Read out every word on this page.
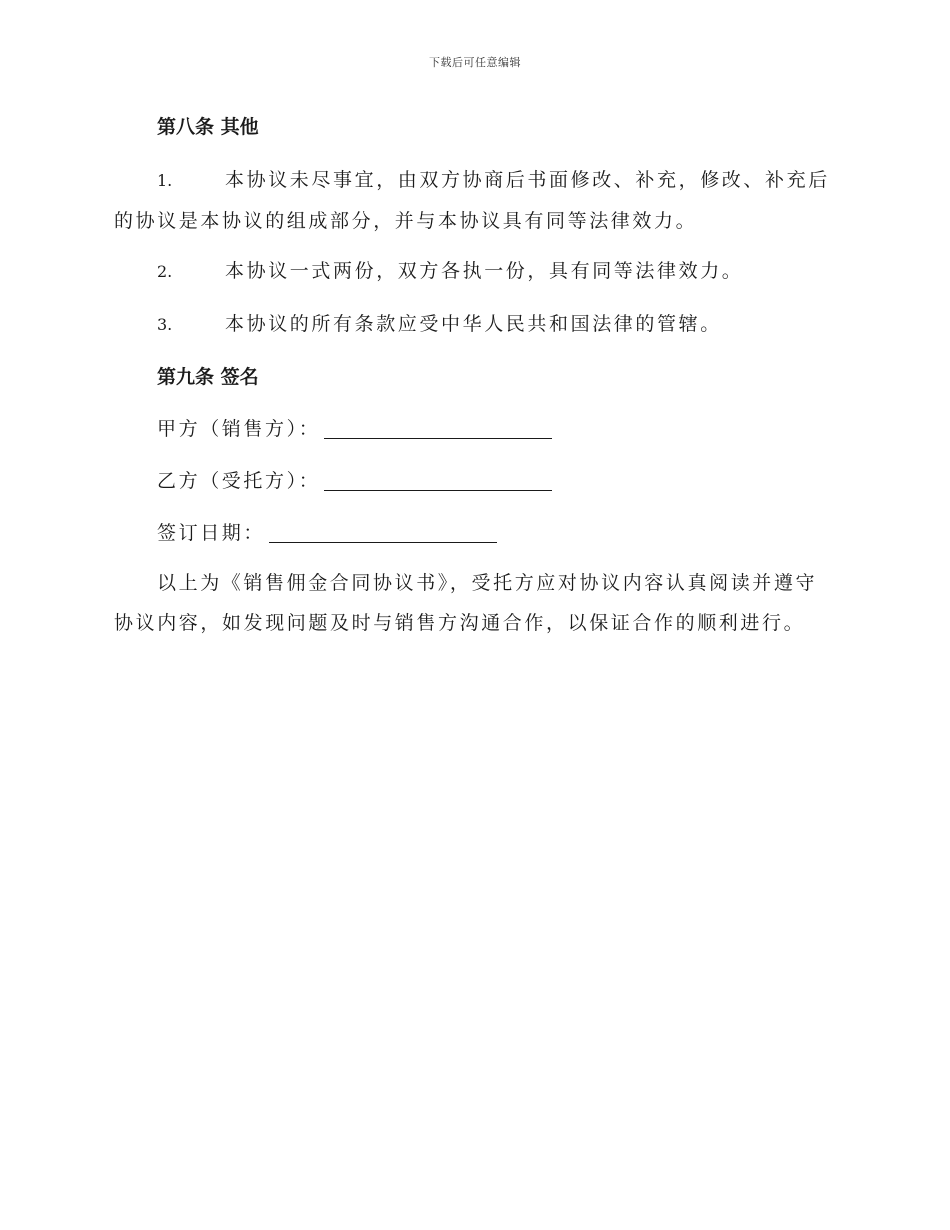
下载后可任意编辑
第八条 其他
1.	本协议未尽事宜，由双方协商后书面修改、补充，修改、补充后的协议是本协议的组成部分，并与本协议具有同等法律效力。
2.	本协议一式两份，双方各执一份，具有同等法律效力。
3.	本协议的所有条款应受中华人民共和国法律的管辖。
第九条 签名
甲方（销售方）：
乙方（受托方）：
签订日期：

以上为《销售佣金合同协议书》，受托方应对协议内容认真阅读并遵守协议内容，如发现问题及时与销售方沟通合作，以保证合作的顺利进行。
